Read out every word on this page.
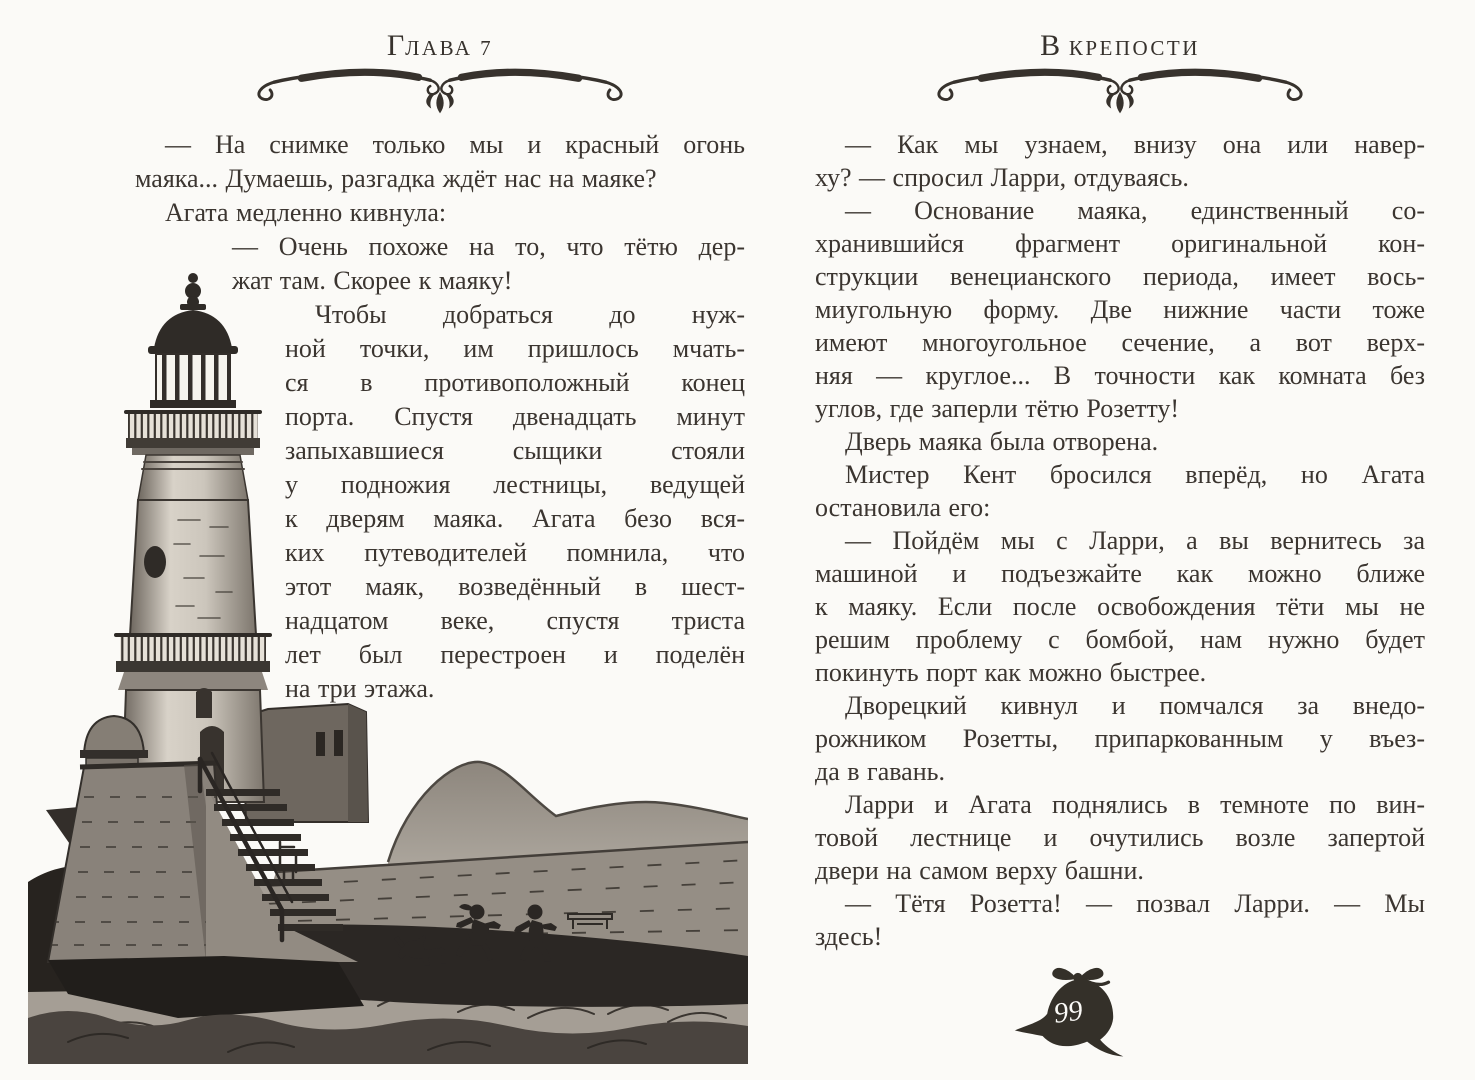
ГЛАВА 7
— На снимке только мы и красный огонь
маяка... Думаешь, разгадка ждёт нас на маяке?
Агата медленно кивнула:
— Очень похоже на то, что тётю дер-
жат там. Скорее к маяку!
Чтобы добраться до нуж-
ной точки, им пришлось мчать-
ся в противоположный конец
порта. Спустя двенадцать минут
запыхавшиеся сыщики стояли
у подножия лестницы, ведущей
к дверям маяка. Агата безо вся-
ких путеводителей помнила, что
этот маяк, возведённый в шест-
надцатом веке, спустя триста
лет был перестроен и поделён
на три этажа.
В КРЕПОСТИ
— Как мы узнаем, внизу она или навер-
ху? — спросил Ларри, отдуваясь.
— Основание маяка, единственный со-
хранившийся фрагмент оригинальной кон-
струкции венецианского периода, имеет вось-
миугольную форму. Две нижние части тоже
имеют многоугольное сечение, а вот верх-
няя — круглое... В точности как комната без
углов, где заперли тётю Розетту!
Дверь маяка была отворена.
Мистер Кент бросился вперёд, но Агата
остановила его:
— Пойдём мы с Ларри, а вы вернитесь за
машиной и подъезжайте как можно ближе
к маяку. Если после освобождения тёти мы не
решим проблему с бомбой, нам нужно будет
покинуть порт как можно быстрее.
Дворецкий кивнул и помчался за внедо-
рожником Розетты, припаркованным у въез-
да в гавань.
Ларри и Агата поднялись в темноте по вин-
товой лестнице и очутились возле запертой
двери на самом верху башни.
— Тётя Розетта! — позвал Ларри. — Мы
здесь!
99
